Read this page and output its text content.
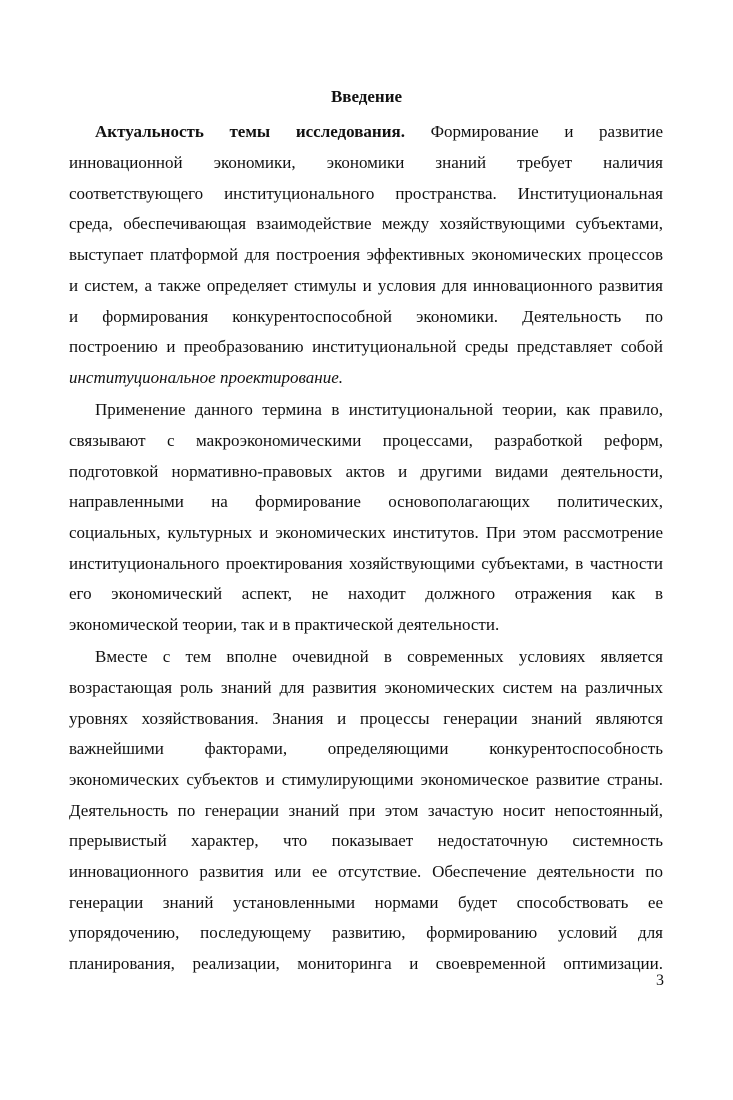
Введение
Актуальность темы исследования. Формирование и развитие
инновационной экономики, экономики знаний требует наличия
соответствующего институционального пространства. Институциональная
среда, обеспечивающая взаимодействие между хозяйствующими субъектами,
выступает платформой для построения эффективных экономических процессов
и систем, а также определяет стимулы и условия для инновационного развития
и формирования конкурентоспособной экономики. Деятельность по
построению и преобразованию институциональной среды представляет собой
институциональное проектирование.
Применение данного термина в институциональной теории, как правило,
связывают с макроэкономическими процессами, разработкой реформ,
подготовкой нормативно-правовых актов и другими видами деятельности,
направленными на формирование основополагающих политических,
социальных, культурных и экономических институтов. При этом рассмотрение
институционального проектирования хозяйствующими субъектами, в частности
его экономический аспект, не находит должного отражения как в
экономической теории, так и в практической деятельности.
Вместе с тем вполне очевидной в современных условиях является
возрастающая роль знаний для развития экономических систем на различных
уровнях хозяйствования. Знания и процессы генерации знаний являются
важнейшими факторами, определяющими конкурентоспособность
экономических субъектов и стимулирующими экономическое развитие страны.
Деятельность по генерации знаний при этом зачастую носит непостоянный,
прерывистый характер, что показывает недостаточную системность
инновационного развития или ее отсутствие. Обеспечение деятельности по
генерации знаний установленными нормами будет способствовать ее
упорядочению, последующему развитию, формированию условий для
планирования, реализации, мониторинга и своевременной оптимизации.
3
